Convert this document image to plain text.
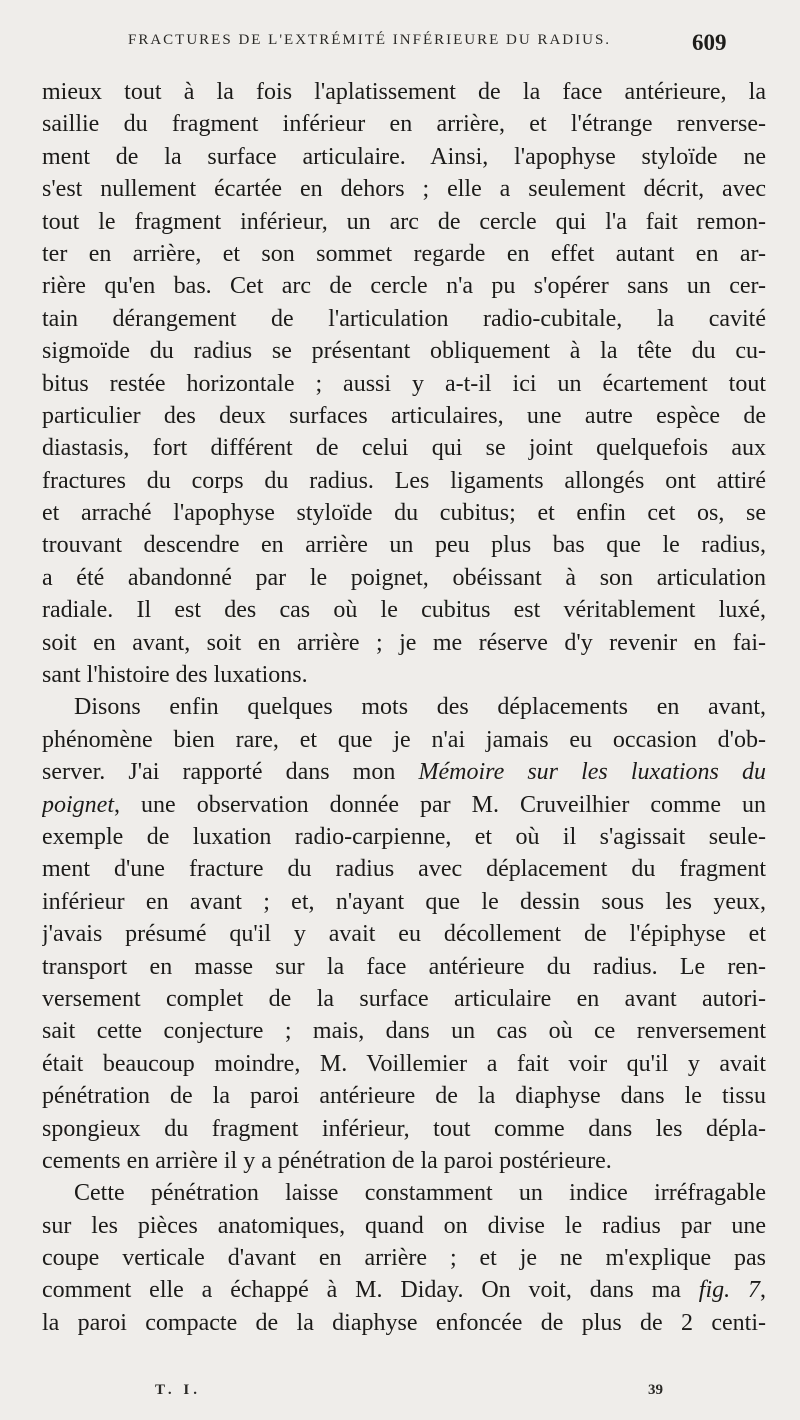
FRACTURES DE L'EXTRÉMITÉ INFÉRIEURE DU RADIUS.	609
mieux tout à la fois l'aplatissement de la face antérieure, la
saillie du fragment inférieur en arrière, et l'étrange renverse-
ment de la surface articulaire. Ainsi, l'apophyse styloïde ne
s'est nullement écartée en dehors ; elle a seulement décrit, avec
tout le fragment inférieur, un arc de cercle qui l'a fait remon-
ter en arrière, et son sommet regarde en effet autant en ar-
rière qu'en bas. Cet arc de cercle n'a pu s'opérer sans un cer-
tain dérangement de l'articulation radio-cubitale, la cavité
sigmoïde du radius se présentant obliquement à la tête du cu-
bitus restée horizontale ; aussi y a-t-il ici un écartement tout
particulier des deux surfaces articulaires, une autre espèce de
diastasis, fort différent de celui qui se joint quelquefois aux
fractures du corps du radius. Les ligaments allongés ont attiré
et arraché l'apophyse styloïde du cubitus; et enfin cet os, se
trouvant descendre en arrière un peu plus bas que le radius,
a été abandonné par le poignet, obéissant à son articulation
radiale. Il est des cas où le cubitus est véritablement luxé,
soit en avant, soit en arrière ; je me réserve d'y revenir en fai-
sant l'histoire des luxations.
Disons enfin quelques mots des déplacements en avant,
phénomène bien rare, et que je n'ai jamais eu occasion d'ob-
server. J'ai rapporté dans mon Mémoire sur les luxations du
poignet, une observation donnée par M. Cruveilhier comme un
exemple de luxation radio-carpienne, et où il s'agissait seule-
ment d'une fracture du radius avec déplacement du fragment
inférieur en avant ; et, n'ayant que le dessin sous les yeux,
j'avais présumé qu'il y avait eu décollement de l'épiphyse et
transport en masse sur la face antérieure du radius. Le ren-
versement complet de la surface articulaire en avant autori-
sait cette conjecture ; mais, dans un cas où ce renversement
était beaucoup moindre, M. Voillemier a fait voir qu'il y avait
pénétration de la paroi antérieure de la diaphyse dans le tissu
spongieux du fragment inférieur, tout comme dans les dépla-
cements en arrière il y a pénétration de la paroi postérieure.
Cette pénétration laisse constamment un indice irréfragable
sur les pièces anatomiques, quand on divise le radius par une
coupe verticale d'avant en arrière ; et je ne m'explique pas
comment elle a échappé à M. Diday. On voit, dans ma fig. 7,
la paroi compacte de la diaphyse enfoncée de plus de 2 centi-
T. I.	39
